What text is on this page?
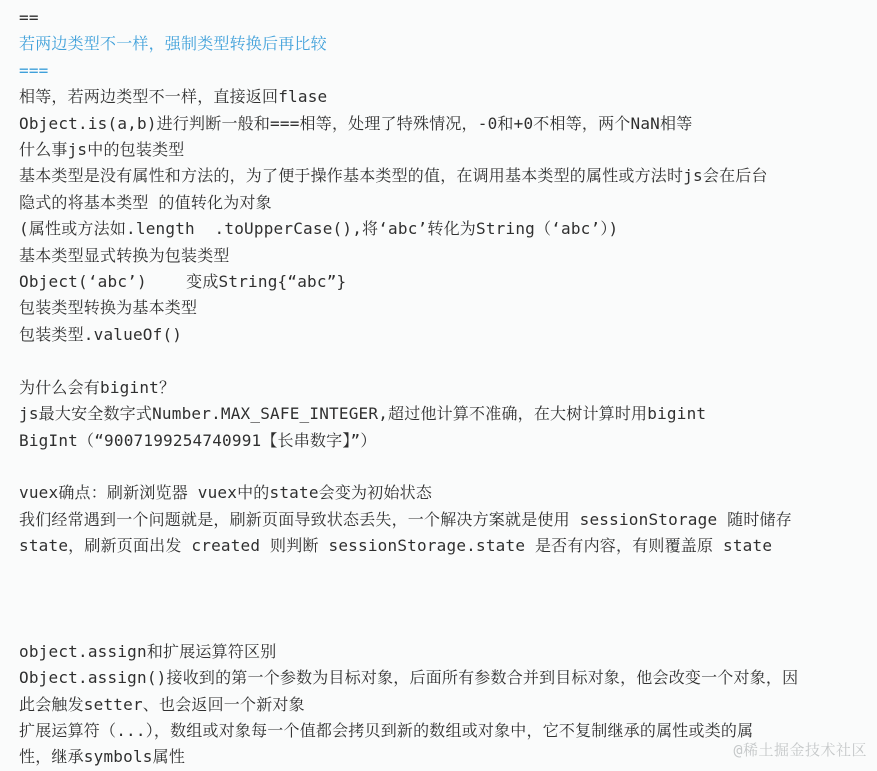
==
若两边类型不一样，强制类型转换后再比较
===
相等，若两边类型不一样，直接返回flase
Object.is(a,b)进行判断一般和===相等，处理了特殊情况，-0和+0不相等，两个NaN相等
什么事js中的包装类型
基本类型是没有属性和方法的，为了便于操作基本类型的值，在调用基本类型的属性或方法时js会在后台
隐式的将基本类型 的值转化为对象
(属性或方法如.length  .toUpperCase(),将‘abc’转化为String（‘abc’）)
基本类型显式转换为包装类型
Object(‘abc’)    变成String{“abc”}
包装类型转换为基本类型
包装类型.valueOf()

为什么会有bigint？
js最大安全数字式Number.MAX_SAFE_INTEGER,超过他计算不准确，在大树计算时用bigint
BigInt（“9007199254740991【长串数字】”）

vuex确点：刷新浏览器 vuex中的state会变为初始状态
我们经常遇到一个问题就是，刷新页面导致状态丢失，一个解决方案就是使用 sessionStorage 随时储存
state，刷新页面出发 created 则判断 sessionStorage.state 是否有内容，有则覆盖原 state

object.assign和扩展运算符区别
Object.assign()接收到的第一个参数为目标对象，后面所有参数合并到目标对象，他会改变一个对象，因
此会触发setter、也会返回一个新对象
扩展运算符（...），数组或对象每一个值都会拷贝到新的数组或对象中，它不复制继承的属性或类的属
性，继承symbols属性	@稀土掘金技术社区
